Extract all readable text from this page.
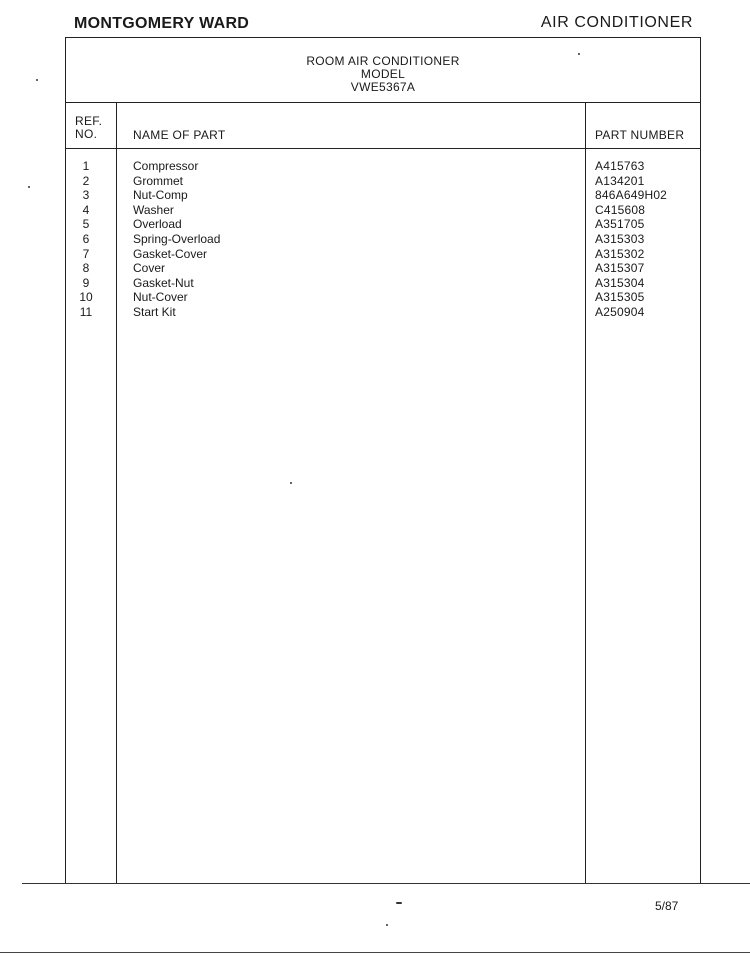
MONTGOMERY WARD	AIR CONDITIONER
ROOM AIR CONDITIONER
MODEL
VWE5367A
REF.
NO.	NAME OF PART	PART NUMBER
1	Compressor	A415763
2	Grommet	A134201
3	Nut-Comp	846A649H02
4	Washer	C415608
5	Overload	A351705
6	Spring-Overload	A315303
7	Gasket-Cover	A315302
8	Cover	A315307
9	Gasket-Nut	A315304
10	Nut-Cover	A315305
11	Start Kit	A250904
5/87
